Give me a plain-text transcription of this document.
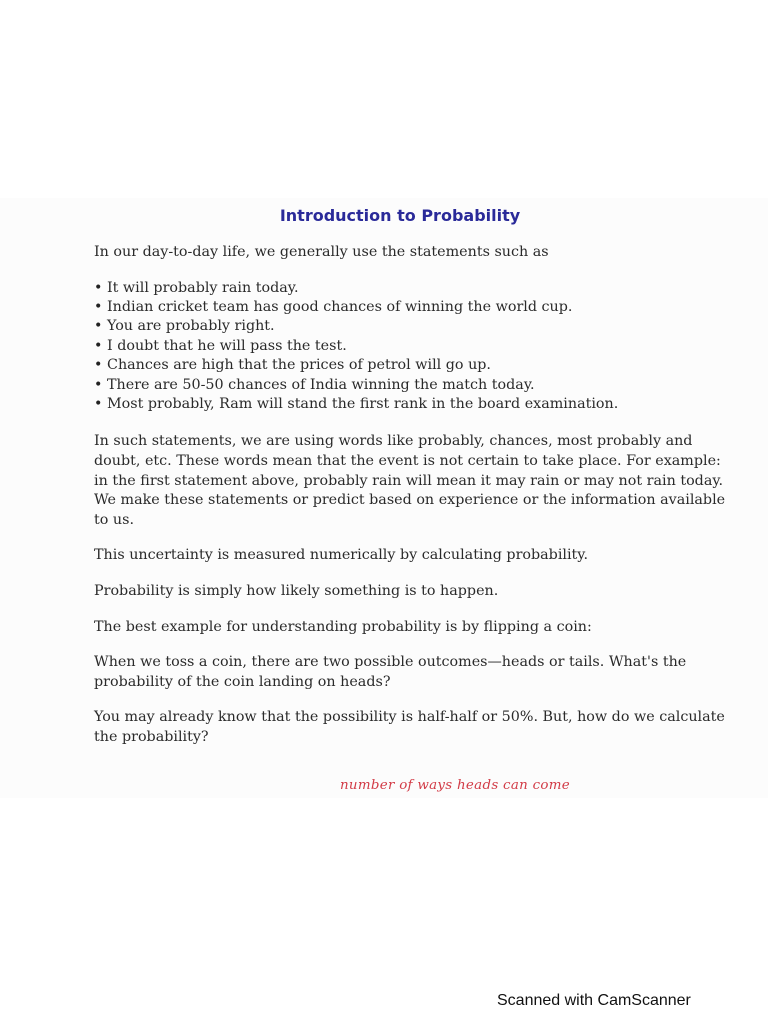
Introduction to Probability

In our day-to-day life, we generally use the statements such as

• It will probably rain today.
• Indian cricket team has good chances of winning the world cup.
• You are probably right.
• I doubt that he will pass the test.
• Chances are high that the prices of petrol will go up.
• There are 50-50 chances of India winning the match today.
• Most probably, Ram will stand the first rank in the board examination.

In such statements, we are using words like probably, chances, most probably and doubt, etc. These words mean that the event is not certain to take place. For example: in the first statement above, probably rain will mean it may rain or may not rain today. We make these statements or predict based on experience or the information available to us.

This uncertainty is measured numerically by calculating probability.

Probability is simply how likely something is to happen.

The best example for understanding probability is by flipping a coin:

When we toss a coin, there are two possible outcomes—heads or tails. What's the probability of the coin landing on heads?

You may already know that the possibility is half-half or 50%. But, how do we calculate the probability?

number of ways heads can come
Scanned with CamScanner
